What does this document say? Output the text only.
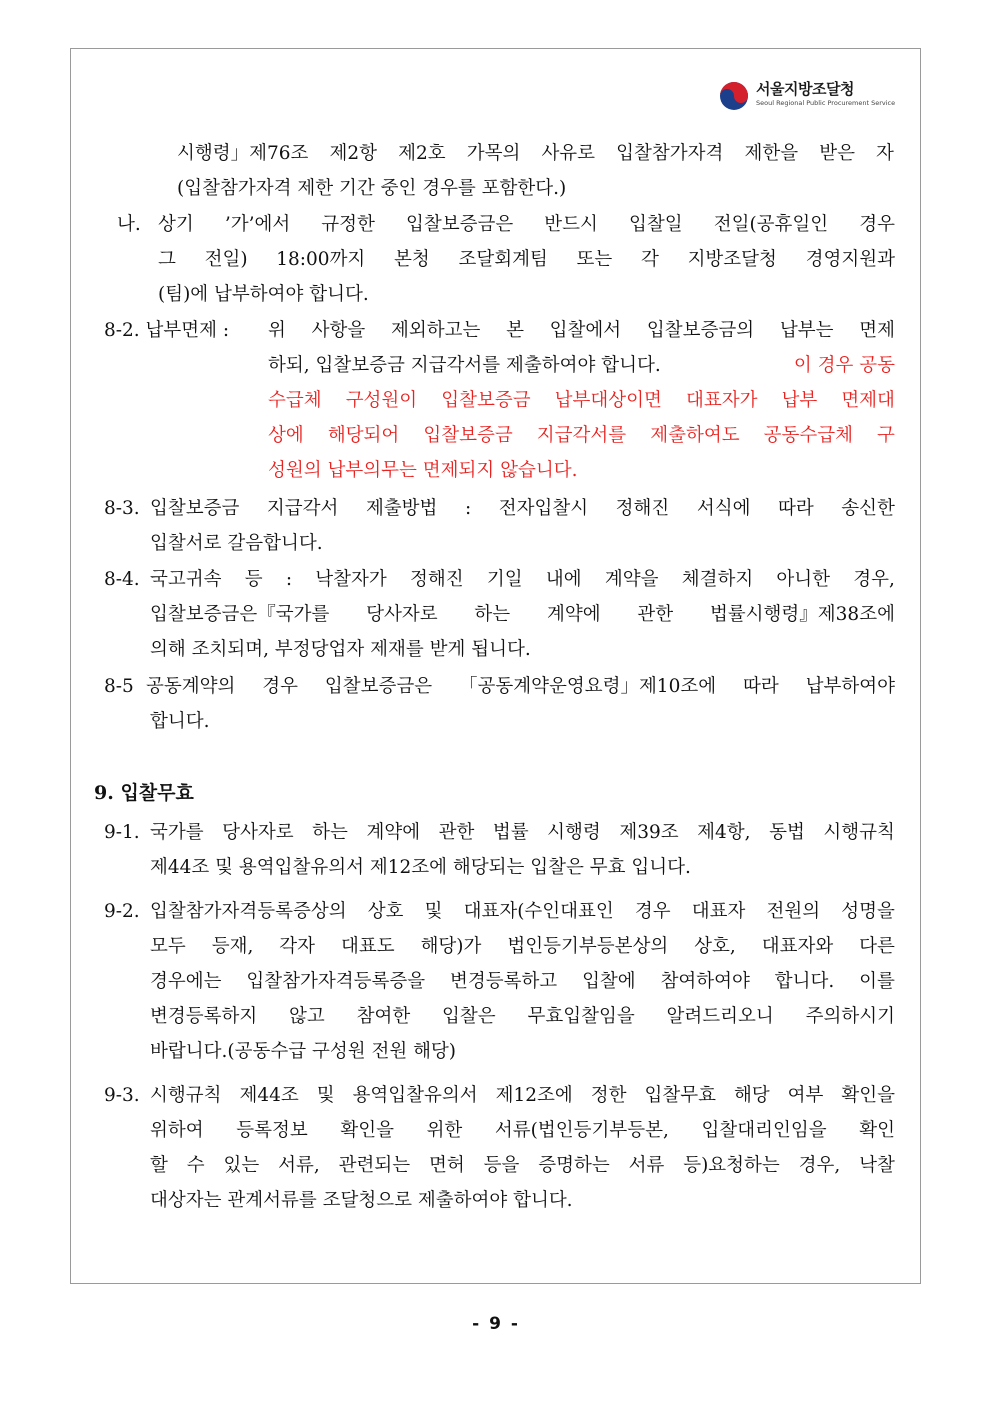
서울지방조달청
Seoul Regional Public Procurement Service
시행령」제76조 제2항 제2호 가목의 사유로 입찰참가자격 제한을 받은 자
(입찰참가자격 제한 기간 중인 경우를 포함한다.)
나. 상기 ’가’에서 규정한 입찰보증금은 반드시 입찰일 전일(공휴일인 경우
그 전일) 18:00까지 본청 조달회계팀 또는 각 지방조달청 경영지원과
(팀)에 납부하여야 합니다.
8-2. 납부면제 : 위 사항을 제외하고는 본 입찰에서 입찰보증금의 납부는 면제
하되, 입찰보증금 지급각서를 제출하여야 합니다.	이 경우 공동
수급체 구성원이 입찰보증금 납부대상이면 대표자가 납부 면제대
상에 해당되어 입찰보증금 지급각서를 제출하여도 공동수급체 구
성원의 납부의무는 면제되지 않습니다.
8-3. 입찰보증금 지급각서 제출방법 : 전자입찰시 정해진 서식에 따라 송신한
입찰서로 갈음합니다.
8-4. 국고귀속 등 : 낙찰자가 정해진 기일 내에 계약을 체결하지 아니한 경우,
입찰보증금은『국가를 당사자로 하는 계약에 관한 법률시행령』제38조에
의해 조치되며, 부정당업자 제재를 받게 됩니다.
8-5 공동계약의 경우 입찰보증금은 「공동계약운영요령」제10조에 따라 납부하여야
합니다.
9. 입찰무효
9-1. 국가를 당사자로 하는 계약에 관한 법률 시행령 제39조 제4항, 동법 시행규칙
제44조 및 용역입찰유의서 제12조에 해당되는 입찰은 무효 입니다.
9-2. 입찰참가자격등록증상의 상호 및 대표자(수인대표인 경우 대표자 전원의 성명을
모두 등재, 각자 대표도 해당)가 법인등기부등본상의 상호, 대표자와 다른
경우에는 입찰참가자격등록증을 변경등록하고 입찰에 참여하여야 합니다. 이를
변경등록하지 않고 참여한 입찰은 무효입찰임을 알려드리오니 주의하시기
바랍니다.(공동수급 구성원 전원 해당)
9-3. 시행규칙 제44조 및 용역입찰유의서 제12조에 정한 입찰무효 해당 여부 확인을
위하여 등록정보 확인을 위한 서류(법인등기부등본, 입찰대리인임을 확인
할 수 있는 서류, 관련되는 면허 등을 증명하는 서류 등)요청하는 경우, 낙찰
대상자는 관계서류를 조달청으로 제출하여야 합니다.
- 9 -
